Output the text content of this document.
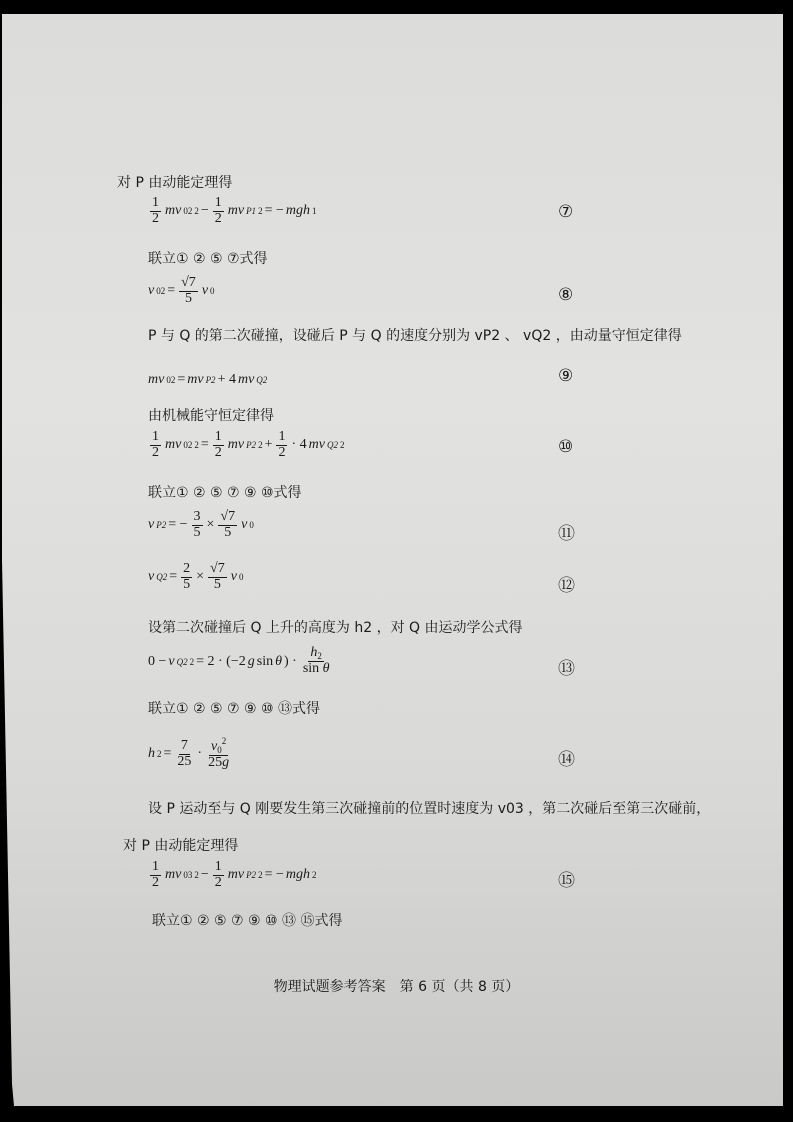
对 P 由动能定理得
$\frac{1}{2}$ mv 02 $2 - \frac{1}{2}$ mv P1 2 = − mgh 1	⑦
联立① ② ⑤ ⑦式得
v $02 = \frac{√7}{5}$ v 0	⑧
P 与 Q 的第二次碰撞，设碰后 P 与 Q 的速度分别为 vP2 、 vQ2 ，由动量守恒定律得
mv 02 = mv P2 + 4 mv Q2	⑨
由机械能守恒定律得
$\frac{1}{2}$ mv 02 $2 = \frac{1}{2}$ mv P2 $2 + \frac{1}{2} \cdot 4$ mv Q2 2	⑩
联立① ② ⑤ ⑦ ⑨ ⑩式得
v P2 = − $\frac{3}{5} \times \frac{√7}{5}$ v 0	⑪
v $Q2 = \frac{2}{5} \times \frac{√7}{5}$ v 0	⑫
设第二次碰撞后 Q 上升的高度为 h2 ，对 Q 由运动学公式得
0 − v Q2 2 = 2 · (−2 g sin θ ) · $\frac{h_2}{\text{sin θ}}$	⑬
联立① ② ⑤ ⑦ ⑨ ⑩ ⑬式得
h $2 = \frac{7}{25} \cdot \frac{v_0^2}{25g}$	⑭
设 P 运动至与 Q 刚要发生第三次碰撞前的位置时速度为 v03 ，第二次碰后至第三次碰前，
对 P 由动能定理得
$\frac{1}{2}$ mv 03 $2 - \frac{1}{2}$ mv P2 2 = − mgh 2	⑮
联立① ② ⑤ ⑦ ⑨ ⑩ ⑬ ⑮式得
物理试题参考答案　第 6 页（共 8 页）
